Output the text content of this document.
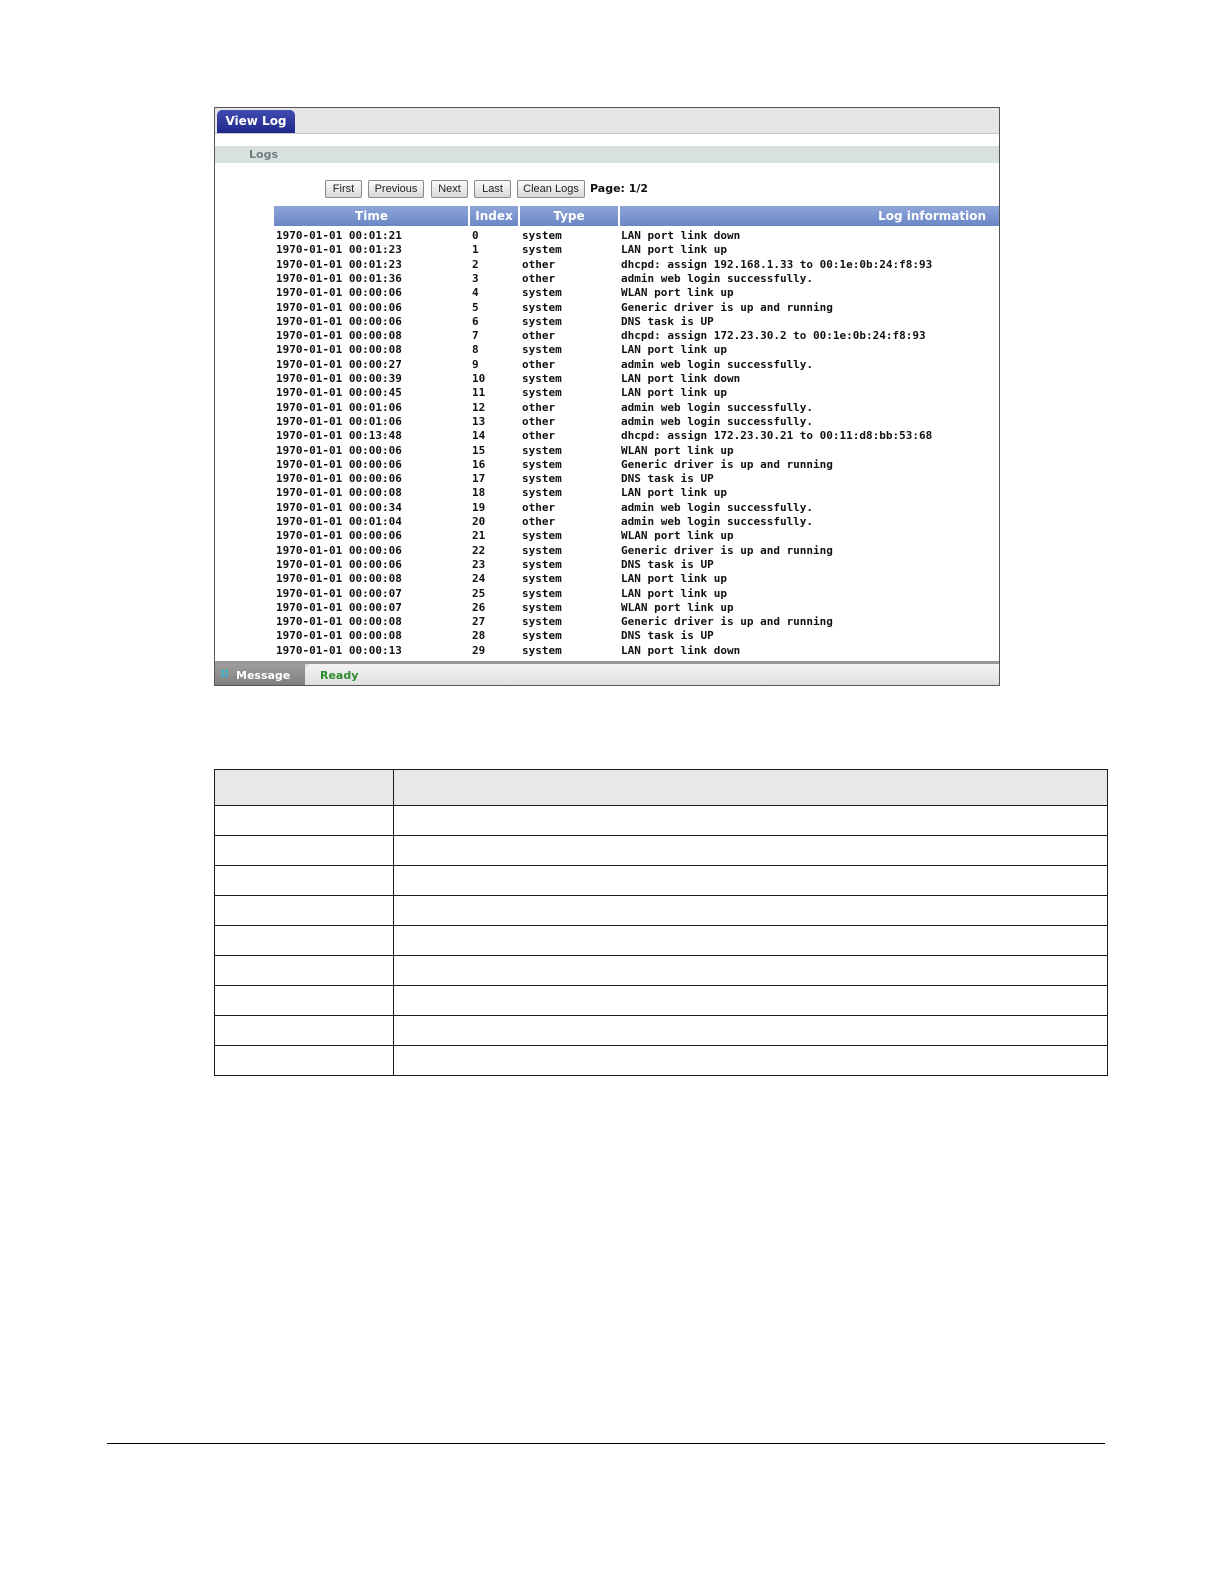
View Log
Logs
First	Previous	Next	Last	Clean Logs	Page: 1/2
Time	Index	Type	Log information
1970-01-01 00:01:21	0	system	LAN port link down
1970-01-01 00:01:23	1	system	LAN port link up
1970-01-01 00:01:23	2	other	dhcpd: assign 192.168.1.33 to 00:1e:0b:24:f8:93
1970-01-01 00:01:36	3	other	admin web login successfully.
1970-01-01 00:00:06	4	system	WLAN port link up
1970-01-01 00:00:06	5	system	Generic driver is up and running
1970-01-01 00:00:06	6	system	DNS task is UP
1970-01-01 00:00:08	7	other	dhcpd: assign 172.23.30.2 to 00:1e:0b:24:f8:93
1970-01-01 00:00:08	8	system	LAN port link up
1970-01-01 00:00:27	9	other	admin web login successfully.
1970-01-01 00:00:39	10	system	LAN port link down
1970-01-01 00:00:45	11	system	LAN port link up
1970-01-01 00:01:06	12	other	admin web login successfully.
1970-01-01 00:01:06	13	other	admin web login successfully.
1970-01-01 00:13:48	14	other	dhcpd: assign 172.23.30.21 to 00:11:d8:bb:53:68
1970-01-01 00:00:06	15	system	WLAN port link up
1970-01-01 00:00:06	16	system	Generic driver is up and running
1970-01-01 00:00:06	17	system	DNS task is UP
1970-01-01 00:00:08	18	system	LAN port link up
1970-01-01 00:00:34	19	other	admin web login successfully.
1970-01-01 00:01:04	20	other	admin web login successfully.
1970-01-01 00:00:06	21	system	WLAN port link up
1970-01-01 00:00:06	22	system	Generic driver is up and running
1970-01-01 00:00:06	23	system	DNS task is UP
1970-01-01 00:00:08	24	system	LAN port link up
1970-01-01 00:00:07	25	system	LAN port link up
1970-01-01 00:00:07	26	system	WLAN port link up
1970-01-01 00:00:08	27	system	Generic driver is up and running
1970-01-01 00:00:08	28	system	DNS task is UP
1970-01-01 00:00:13	29	system	LAN port link down
Message	Ready
